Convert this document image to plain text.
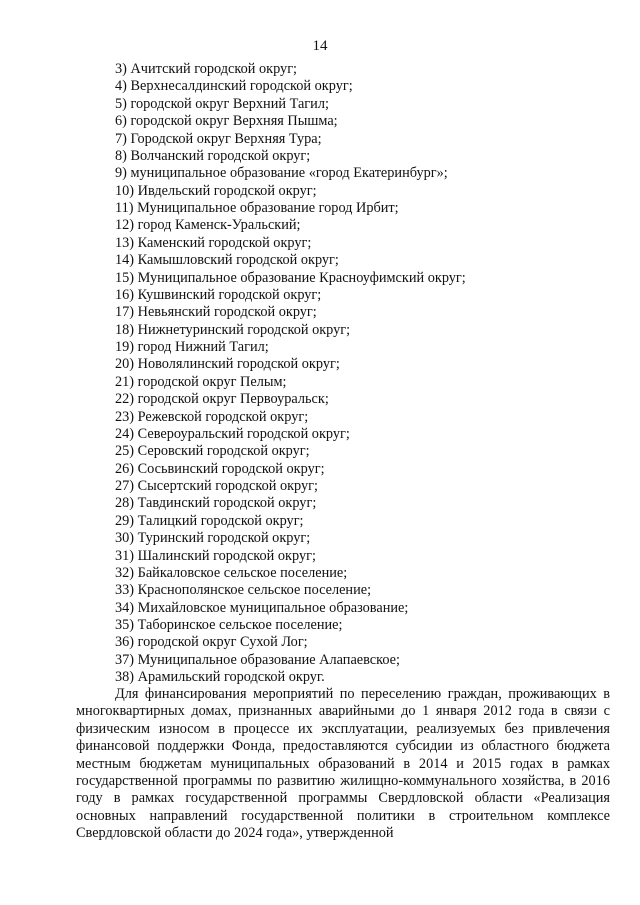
14
3) Ачитский городской округ;
4) Верхнесалдинский городской округ;
5) городской округ Верхний Тагил;
6) городской округ Верхняя Пышма;
7) Городской округ Верхняя Тура;
8) Волчанский городской округ;
9) муниципальное образование «город Екатеринбург»;
10) Ивдельский городской округ;
11) Муниципальное образование город Ирбит;
12) город Каменск-Уральский;
13) Каменский городской округ;
14) Камышловский городской округ;
15) Муниципальное образование Красноуфимский округ;
16) Кушвинский городской округ;
17) Невьянский городской округ;
18) Нижнетуринский городской округ;
19) город Нижний Тагил;
20) Новолялинский городской округ;
21) городской округ Пелым;
22) городской округ Первоуральск;
23) Режевской городской округ;
24) Североуральский городской округ;
25) Серовский городской округ;
26) Сосьвинский городской округ;
27) Сысертский городской округ;
28) Тавдинский городской округ;
29) Талицкий городской округ;
30) Туринский городской округ;
31) Шалинский городской округ;
32) Байкаловское сельское поселение;
33) Краснополянское сельское поселение;
34) Михайловское муниципальное образование;
35) Таборинское сельское поселение;
36) городской округ Сухой Лог;
37) Муниципальное образование Алапаевское;
38) Арамильский городской округ.

Для финансирования мероприятий по переселению граждан, проживающих в многоквартирных домах, признанных аварийными до 1 января 2012 года в связи с физическим износом в процессе их эксплуатации, реализуемых без привлечения финансовой поддержки Фонда, предоставляются субсидии из областного бюджета местным бюджетам муниципальных образований в 2014 и 2015 годах в рамках государственной программы по развитию жилищно-коммунального хозяйства, в 2016 году в рамках государственной программы Свердловской области «Реализация основных направлений государственной политики в строительном комплексе Свердловской области до 2024 года», утвержденной
